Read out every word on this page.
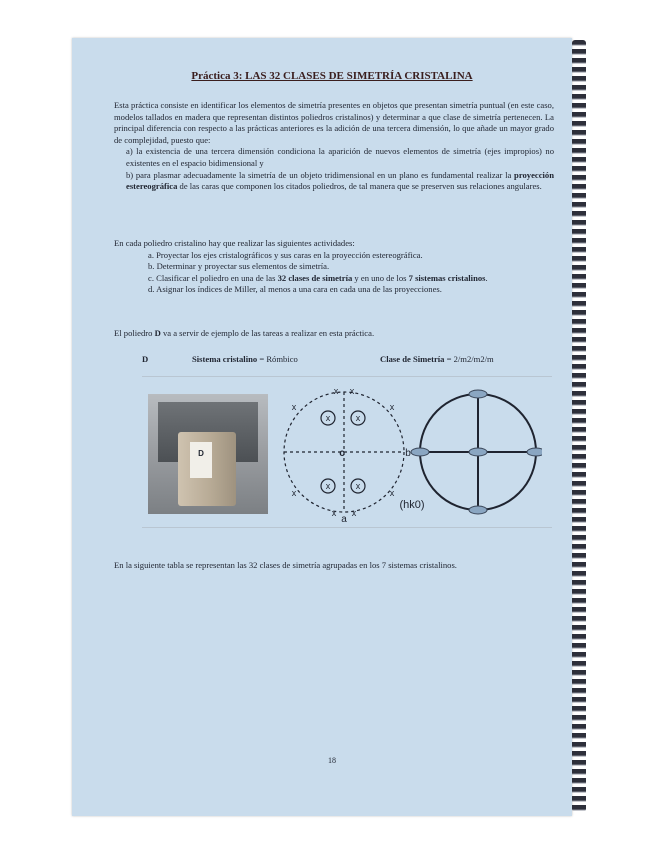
Práctica 3: LAS 32 CLASES DE SIMETRÍA CRISTALINA
Esta práctica consiste en identificar los elementos de simetría presentes en objetos que presentan simetría puntual (en este caso, modelos tallados en madera que representan distintos poliedros cristalinos) y determinar a que clase de simetría pertenecen. La principal diferencia con respecto a las prácticas anteriores es la adición de una tercera dimensión, lo que añade un mayor grado de complejidad, puesto que:
a) la existencia de una tercera dimensión condiciona la aparición de nuevos elementos de simetría (ejes impropios) no existentes en el espacio bidimensional y
b) para plasmar adecuadamente la simetría de un objeto tridimensional en un plano es fundamental realizar la proyección estereográfica de las caras que componen los citados poliedros, de tal manera que se preserven sus relaciones angulares.
En cada poliedro cristalino hay que realizar las siguientes actividades:
a. Proyectar los ejes cristalográficos y sus caras en la proyección estereográfica.
b. Determinar y proyectar sus elementos de simetría.
c. Clasificar el poliedro en una de las 32 clases de simetría y en uno de los 7 sistemas cristalinos.
d. Asignar los índices de Miller, al menos a una cara en cada una de las proyecciones.
El poliedro D va a servir de ejemplo de las tareas a realizar en esta práctica.
D	Sistema cristalino = Rómbico	Clase de Simetría = 2/m2/m2/m
D
x	x
x	x
x x
x	x
x	x
x x
c	b
a
(hk0)
En la siguiente tabla se representan las 32 clases de simetría agrupadas en los 7 sistemas cristalinos.
18
